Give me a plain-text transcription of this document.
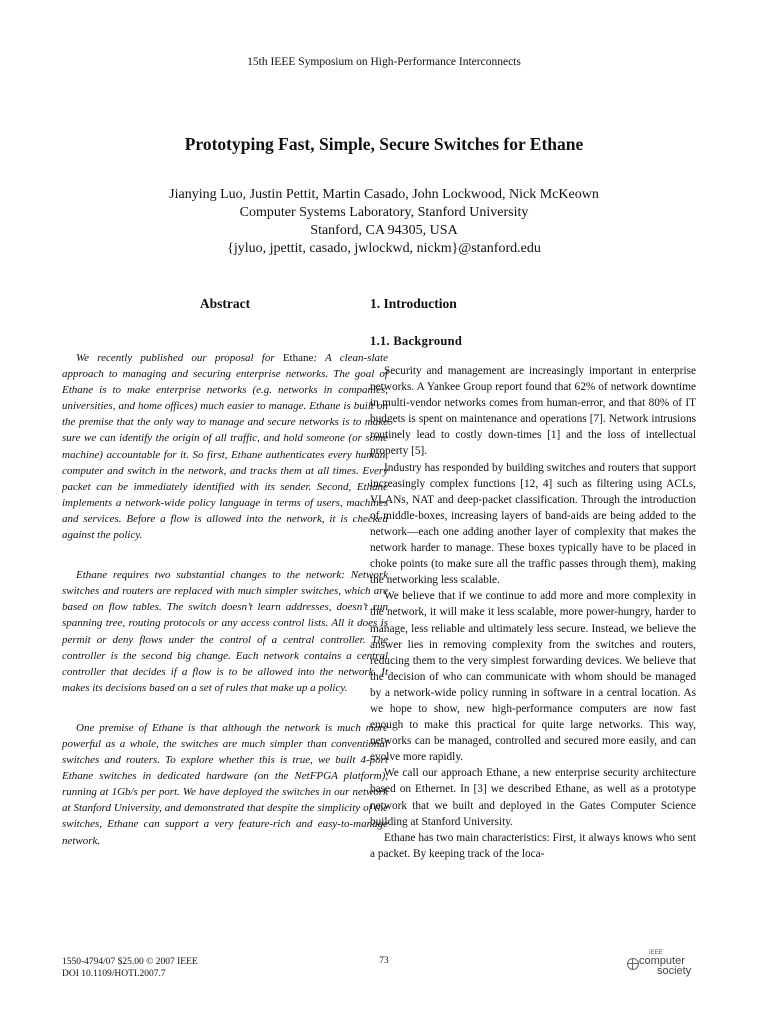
15th IEEE Symposium on High-Performance Interconnects
Prototyping Fast, Simple, Secure Switches for Ethane
Jianying Luo, Justin Pettit, Martin Casado, John Lockwood, Nick McKeown
Computer Systems Laboratory, Stanford University
Stanford, CA 94305, USA
{jyluo, jpettit, casado, jwlockwd, nickm}@stanford.edu
Abstract

We recently published our proposal for Ethane: A clean-slate approach to managing and securing enterprise networks. The goal of Ethane is to make enterprise networks (e.g. networks in companies, universities, and home offices) much easier to manage. Ethane is built on the premise that the only way to manage and secure networks is to make sure we can identify the origin of all traffic, and hold someone (or some machine) accountable for it. So first, Ethane authenticates every human, computer and switch in the network, and tracks them at all times. Every packet can be immediately identified with its sender. Second, Ethane implements a network-wide policy language in terms of users, machines and services. Before a flow is allowed into the network, it is checked against the policy.

Ethane requires two substantial changes to the network: Network switches and routers are replaced with much simpler switches, which are based on flow tables. The switch doesn’t learn addresses, doesn’t run spanning tree, routing protocols or any access control lists. All it does is permit or deny flows under the control of a central controller. The controller is the second big change. Each network contains a central controller that decides if a flow is to be allowed into the network. It makes its decisions based on a set of rules that make up a policy.

One premise of Ethane is that although the network is much more powerful as a whole, the switches are much simpler than conventional switches and routers. To explore whether this is true, we built 4-port Ethane switches in dedicated hardware (on the NetFPGA platform), running at 1Gb/s per port. We have deployed the switches in our network at Stanford University, and demonstrated that despite the simplicity of the switches, Ethane can support a very feature-rich and easy-to-manage network.

1. Introduction
1.1. Background

Security and management are increasingly important in enterprise networks. A Yankee Group report found that 62% of network downtime in multi-vendor networks comes from human-error, and that 80% of IT budgets is spent on maintenance and operations [7]. Network intrusions routinely lead to costly down-times [1] and the loss of intellectual property [5].

Industry has responded by building switches and routers that support increasingly complex functions [12, 4] such as filtering using ACLs, VLANs, NAT and deep-packet classification. Through the introduction of middle-boxes, increasing layers of band-aids are being added to the network—each one adding another layer of complexity that makes the network harder to manage. These boxes typically have to be placed in choke points (to make sure all the traffic passes through them), making the networking less scalable.

We believe that if we continue to add more and more complexity in the network, it will make it less scalable, more power-hungry, harder to manage, less reliable and ultimately less secure. Instead, we believe the answer lies in removing complexity from the switches and routers, reducing them to the very simplest forwarding devices. We believe that the decision of who can communicate with whom should be managed by a network-wide policy running in software in a central location. As we hope to show, new high-performance computers are now fast enough to make this practical for quite large networks. This way, networks can be managed, controlled and secured more easily, and can evolve more rapidly.

We call our approach Ethane, a new enterprise security architecture based on Ethernet. In [3] we described Ethane, as well as a prototype network that we built and deployed in the Gates Computer Science building at Stanford University.

Ethane has two main characteristics: First, it always knows who sent a packet. By keeping track of the loca-

1550-4794/07 $25.00 © 2007 IEEE
DOI 10.1109/HOTI.2007.7
73
IEEE
computer
society
